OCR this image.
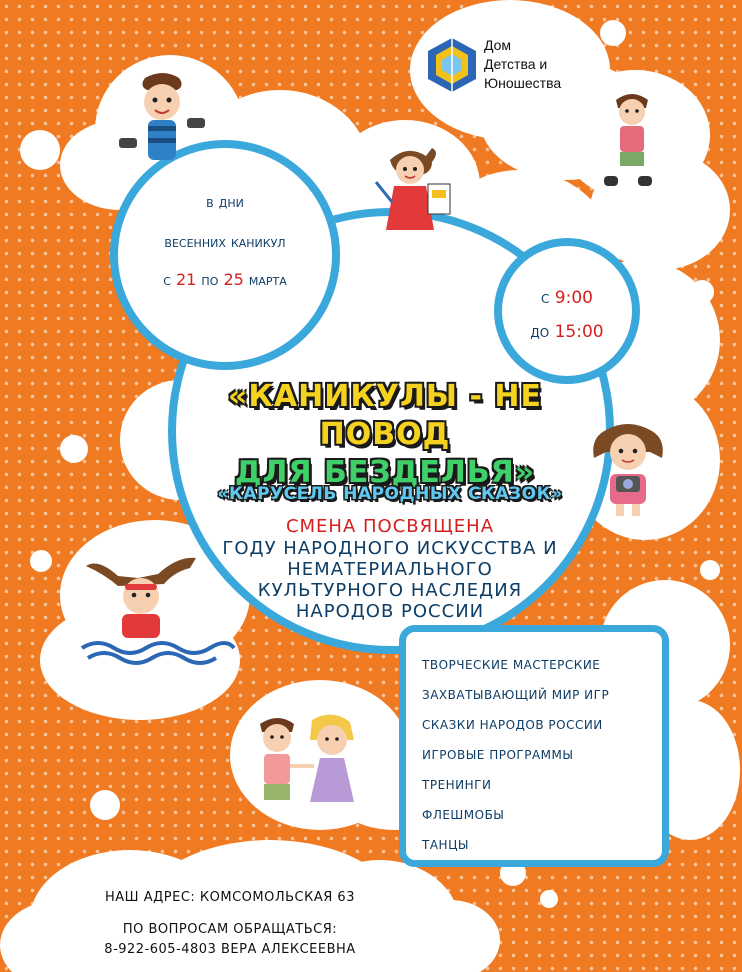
Дом
Детства и
Юношества
в дни
весенних каникул
с 21 по 25 марта
с 9:00
до 15:00
«КАНИКУЛЫ - НЕ ПОВОД
ДЛЯ БЕЗДЕЛЬЯ»
«КАРУСЕЛЬ НАРОДНЫХ СКАЗОК»
СМЕНА ПОСВЯЩЕНА
ГОДУ НАРОДНОГО ИСКУССТВА И
НЕМАТЕРИАЛЬНОГО
КУЛЬТУРНОГО НАСЛЕДИЯ
НАРОДОВ РОССИИ
ТВОРЧЕСКИЕ МАСТЕРСКИЕ
ЗАХВАТЫВАЮЩИЙ МИР ИГР
СКАЗКИ НАРОДОВ РОССИИ
ИГРОВЫЕ ПРОГРАММЫ
ТРЕНИНГИ
ФЛЕШМОБЫ
ТАНЦЫ
НАШ АДРЕС: КОМСОМОЛЬСКАЯ 63
ПО ВОПРОСАМ ОБРАЩАТЬСЯ:
8-922-605-4803 ВЕРА АЛЕКСЕЕВНА
